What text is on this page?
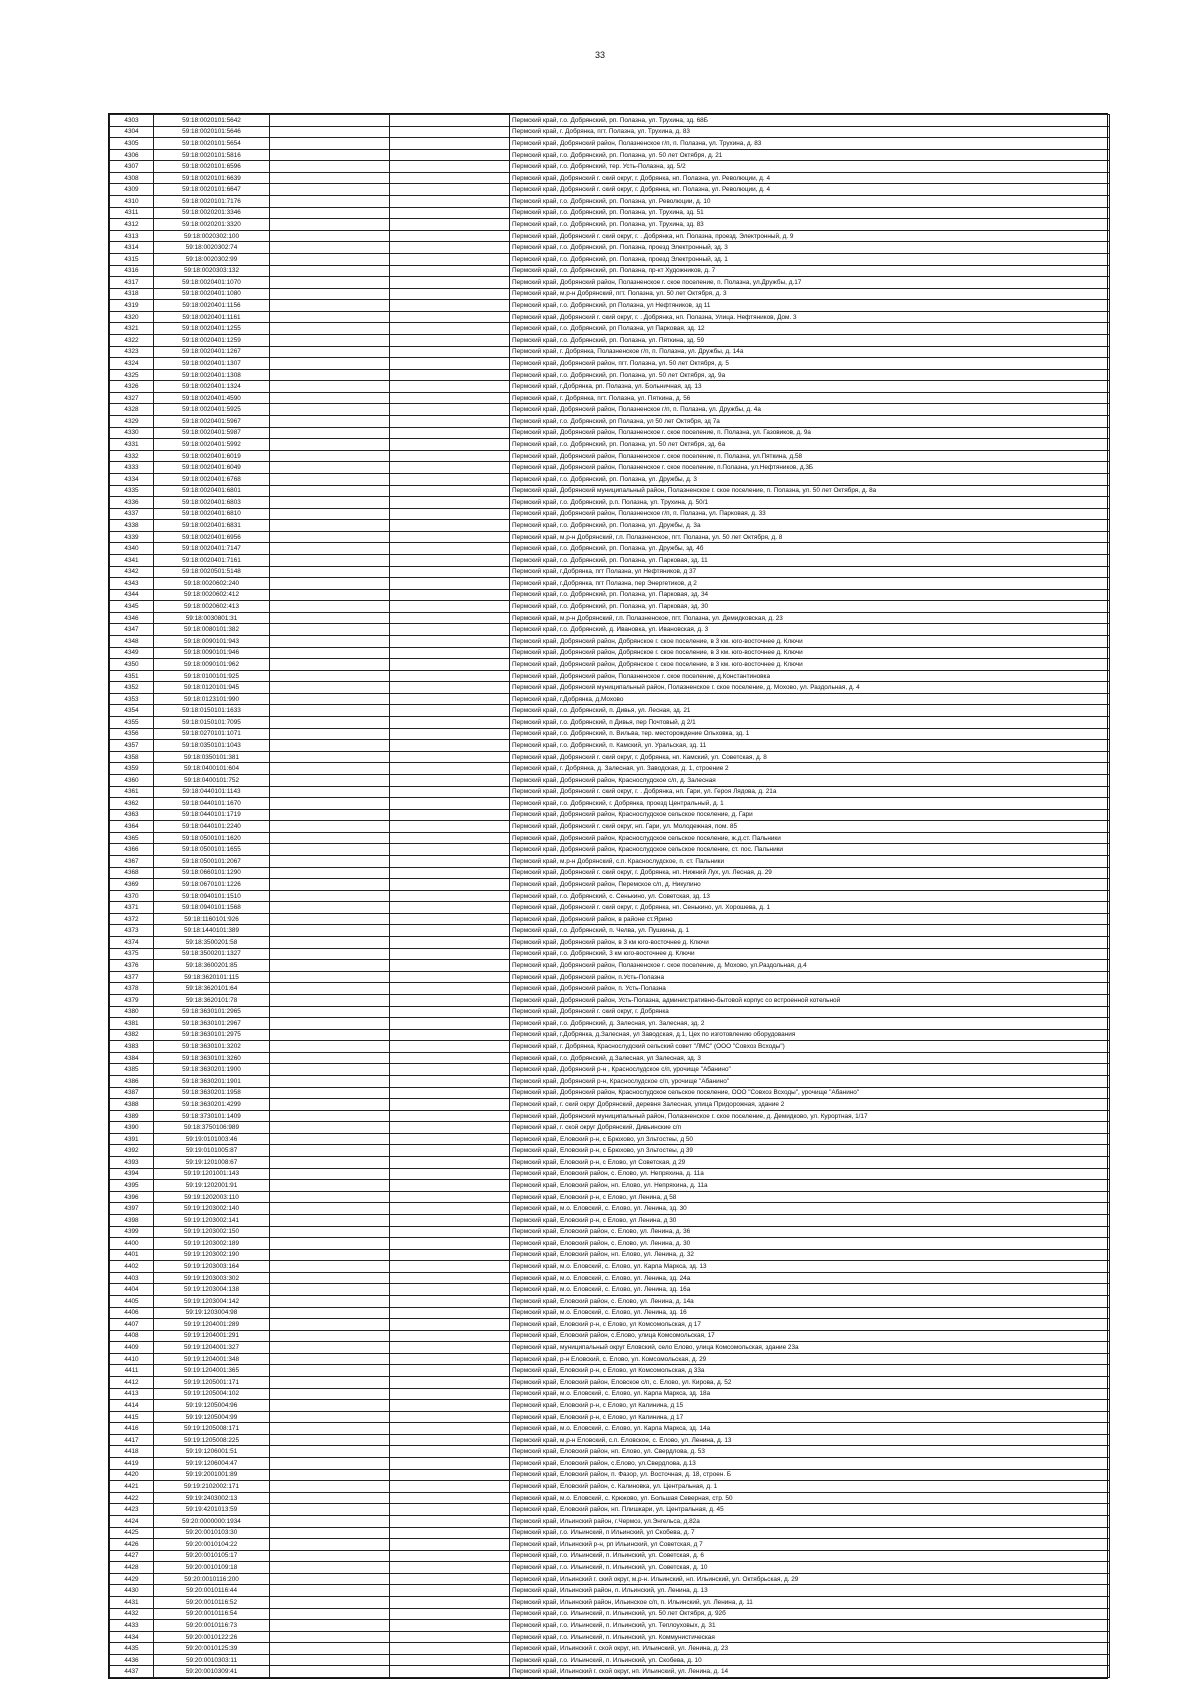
33
4303	59:18:0020101:5642			Пермский край, г.о. Добрянский, рп. Полазна, ул. Трухина, зд. 68Б
4304	59:18:0020101:5646			Пермский край, г. Добрянка, пгт. Полазна, ул. Трухина, д. 83
4305	59:18:0020101:5654			Пермский край, Добрянский район, Полазненское г/п, п. Полазна, ул. Трухина, д. 83
4306	59:18:0020101:5816			Пермский край, г.о. Добрянский, рп. Полазна, ул. 50 лет Октября, д. 21
4307	59:18:0020101:6596			Пермский край, г.о. Добрянский, тер. Усть-Полазна, зд. 5/2
4308	59:18:0020101:6639			Пермский край, Добрянский г. ский округ, г. Добрянка, нп. Полазна, ул. Революции, д. 4
4309	59:18:0020101:6647			Пермский край, Добрянский г. ский округ, г. Добрянка, нп. Полазна, ул. Революции, д. 4
4310	59:18:0020101:7176			Пермский край, г.о. Добрянский, рп. Полазна, ул. Революции, д. 10
4311	59:18:0020201:3346			Пермский край, г.о. Добрянский, рп. Полазна, ул. Трухина, зд. 51
4312	59:18:0020201:3320			Пермский край, г.о. Добрянский, рп. Полазна, ул. Трухина, зд. 83
4313	59:18:0020302:100			Пермский край, Добрянский г. ский округ, г. . Добрянка, нп. Полазна, проезд. Электронный, д. 9
4314	59:18:0020302:74			Пермский край, г.о. Добрянский, рп. Полазна, проезд Электронный, зд. 3
4315	59:18:0020302:99			Пермский край, г.о. Добрянский, рп. Полазна, проезд Электронный, зд. 1
4316	59:18:0020303:132			Пермский край, г.о. Добрянский, рп. Полазна, пр-кт Художников, д. 7
4317	59:18:0020401:1070			Пермский край, Добрянский район, Полазненское г. ское поселение, п. Полазна, ул.Дружбы, д.17
4318	59:18:0020401:1080			Пермский край, м.р-н Добрянский, пгт. Полазна, ул. 50 лет Октября, д. 3
4319	59:18:0020401:1156			Пермский край, г.о. Добрянский, рп Полазна, ул Нефтяников, зд 11
4320	59:18:0020401:1161			Пермский край, Добрянский г. ский округ, г. . Добрянка, нп. Полазна, Улица. Нефтяников, Дом. 3
4321	59:18:0020401:1255			Пермский край, г.о. Добрянский, рп Полазна, ул Парковая, зд. 12
4322	59:18:0020401:1259			Пермский край, г.о. Добрянский, рп. Полазна, ул. Пяткина, зд. 59
4323	59:18:0020401:1267			Пермский край, г. Добрянка, Полазненское г/п, п. Полазна, ул. Дружбы, д. 14а
4324	59:18:0020401:1307			Пермский край, Добрянский район, пгт. Полазна, ул. 50 лет Октября, д. 5
4325	59:18:0020401:1308			Пермский край, г.о. Добрянский, рп. Полазна, ул. 50 лет Октября, зд. 9а
4326	59:18:0020401:1324			Пермский край, г.Добрянка, рп. Полазна, ул. Больничная, зд. 13
4327	59:18:0020401:4590			Пермский край, г. Добрянка, пгт. Полазна, ул. Пяткина, д. 56
4328	59:18:0020401:5925			Пермский край, Добрянский район, Полазненское г/п, п. Полазна, ул. Дружбы, д. 4а
4329	59:18:0020401:5967			Пермский край, г.о. Добрянский, рп Полазна, ул 50 лет Октября, зд 7а
4330	59:18:0020401:5987			Пермский край, Добрянский район, Полазненское г. ское поселение, п. Полазна, ул. Газовиков, д. 9а
4331	59:18:0020401:5992			Пермский край, г.о. Добрянский, рп. Полазна, ул. 50 лет Октября, зд. 6а
4332	59:18:0020401:6019			Пермский край, Добрянский район, Полазненское г. ское поселение, п. Полазна, ул.Пяткина, д.58
4333	59:18:0020401:6049			Пермский край, Добрянский район, Полазненское г. ское поселение, п.Полазна, ул.Нефтяников, д.3Б
4334	59:18:0020401:6768			Пермский край, г.о. Добрянский, рп. Полазна, ул. Дружбы, д. 3
4335	59:18:0020401:6801			Пермский край, Добрянский муниципальный район, Полазненское г. ское поселение, п. Полазна, ул. 50 лет Октября, д. 8а
4336	59:18:0020401:6803			Пермский край, г.о. Добрянский, р.п. Полазна, ул. Трухина, д. 50/1
4337	59:18:0020401:6810			Пермский край, Добрянский район, Полазненское г/п, п. Полазна, ул. Парковая, д. 33
4338	59:18:0020401:6831			Пермский край, г.о. Добрянский, рп. Полазна, ул. Дружбы, д. 3а
4339	59:18:0020401:6956			Пермский край, м.р-н Добрянский, г.п. Полазненское, пгт. Полазна, ул. 50 лет Октября, д. 8
4340	59:18:0020401:7147			Пермский край, г.о. Добрянский, рп. Полазна, ул. Дружбы, зд. 4б
4341	59:18:0020401:7161			Пермский край, г.о. Добрянский, рп. Полазна, ул. Парковая, зд. 11
4342	59:18:0020501:5148			Пермский край, г.Добрянка, пгт Полазна, ул Нефтяников, д 37
4343	59:18:0020602:240			Пермский край, г.Добрянка, пгт Полазна, пер Энергетиков, д 2
4344	59:18:0020602:412			Пермский край, г.о. Добрянский, рп. Полазна, ул. Парковая, зд. 34
4345	59:18:0020602:413			Пермский край, г.о. Добрянский, рп. Полазна, ул. Парковая, зд. 30
4346	59:18:0030801:31			Пермский край, м.р-н Добрянский, г.п. Полазненское, пгт. Полазна, ул. Демидковская, д. 23
4347	59:18:0080101:382			Пермский край, г.о. Добрянский, д. Ивановка, ул. Ивановская, д. 3
4348	59:18:0090101:943			Пермский край, Добрянский район, Добрянское г. ское поселение, в 3 км. юго-восточнее д. Ключи
4349	59:18:0090101:946			Пермский край, Добрянский район, Добрянское г. ское поселение, в 3 км. юго-восточнее д. Ключи
4350	59:18:0090101:962			Пермский край, Добрянский район, Добрянское г. ское поселение, в 3 км. юго-восточнее д. Ключи
4351	59:18:0100101:925			Пермский край, Добрянский район, Полазненское г. ское поселение, д.Константиновка
4352	59:18:0120101:945			Пермский край, Добрянский муниципальный район, Полазненское г. ское поселение, д. Мохово, ул. Раздольная, д. 4
4353	59:18:0123101:990			Пермский край, г.Добрянка, д.Мохово
4354	59:18:0150101:1633			Пермский край, г.о. Добрянский, п. Дивья, ул. Лесная, зд. 21
4355	59:18:0150101:7095			Пермский край, г.о. Добрянский, п Дивья, пер Почтовый, д 2/1
4356	59:18:0270101:1071			Пермский край, г.о. Добрянский, п. Вильва, тер. месторождение Ольховка, зд. 1
4357	59:18:0350101:1043			Пермский край, г.о. Добрянский, п. Камский, ул. Уральская, зд. 11
4358	59:18:0350101:381			Пермский край, Добрянский г. ский округ, г. Добрянка, нп. Камский, ул. Советская, д. 8
4359	59:18:0400101:604			Пермский край, г. Добрянка, д. Залесная, ул. Заводская, д. 1, строение 2
4360	59:18:0400101:752			Пермский край, Добрянский район, Краснослудское с/п, д. Залесная
4361	59:18:0440101:1143			Пермский край, Добрянский г. ский округ, г. . Добрянка, нп. Гари, ул. Героя Лядова, д. 21а
4362	59:18:0440101:1670			Пермский край, г.о. Добрянский, г. Добрянка, проезд Центральный, д. 1
4363	59:18:0440101:1719			Пермский край, Добрянский район, Краснослудское сельское поселение, д. Гари
4364	59:18:0440101:2240			Пермский край, Добрянский г. ский округ, нп. Гари, ул. Молодежная, пом. 85
4365	59:18:0500101:1620			Пермский край, Добрянский район, Краснослудское сельское поселение, ж.д.ст. Пальники
4366	59:18:0500101:1655			Пермский край, Добрянский район, Краснослудское сельское поселение, ст. пос. Пальники
4367	59:18:0500101:2067			Пермский край, м.р-н Добрянский, с.п. Краснослудское, п. ст. Пальники
4368	59:18:0660101:1290			Пермский край, Добрянский г. ский округ, г. Добрянка, нп. Нижний Лух, ул. Лесная, д. 29
4369	59:18:0670101:1226			Пермский край, Добрянский район, Перемское с/п, д. Никулино
4370	59:18:0940101:1510			Пермский край, г.о. Добрянский, с. Сенькино, ул. Советская, зд. 13
4371	59:18:0940101:1568			Пермский край, Добрянский г. ский округ, г. Добрянка, нп. Сенькино, ул. Хорошева, д. 1
4372	59:18:1160101:926			Пермский край, Добрянский район, в районе ст.Ярино
4373	59:18:1440101:389			Пермский край, г.о. Добрянский, п. Челва, ул. Пушкина, д. 1
4374	59:18:3500201:58			Пермский край, Добрянский район, в 3 км юго-восточнее д. Ключи
4375	59:18:3500201:1327			Пермский край, г.о. Добрянский, 3 км юго-восточнее д. Ключи
4376	59:18:3600201:85			Пермский край, Добрянский район, Полазненское г. ское поселение, д. Мохово, ул.Раздольная, д.4
4377	59:18:3620101:115			Пермский край, Добрянский район, п.Усть-Полазна
4378	59:18:3620101:64			Пермский край, Добрянский район, п. Усть-Полазна
4379	59:18:3620101:78			Пермский край, Добрянский район, Усть-Полазна, административно-бытовой корпус со встроенной котельной
4380	59:18:3630101:2965			Пермский край, Добрянский г. ский округ, г. Добрянка
4381	59:18:3630101:2967			Пермский край, г.о. Добрянский, д. Залесная, ул. Залесная, зд. 2
4382	59:18:3630101:2975			Пермский край, г.Добрянка, д.Залесная, ул Заводская, д.1, Цех по изготовлению оборудования
4383	59:18:3630101:3202			Пермский край, г. Добрянка, Краснослудский сельский совет "ЛМС" (ООО "Совхоз Всходы")
4384	59:18:3630101:3260			Пермский край, г.о. Добрянский, д.Залесная, ул Залесная, зд. 3
4385	59:18:3630201:1900			Пермский край, Добрянский р-н , Краснослудское с/п, урочище "Абанино"
4386	59:18:3630201:1901			Пермский край, Добрянский р-н, Краснослудское с/п, урочище "Абанино"
4387	59:18:3630201:1958			Пермский край, Добрянский район, Краснослудское сельское поселение, ООО "Совхоз Всходы", урочище "Абанино"
4388	59:18:3630201:4299			Пермский край, г. ский округ Добрянский, деревня Залесная, улица Придорожная, здание 2
4389	59:18:3730101:1409			Пермский край, Добрянский муниципальный район, Полазненское г. ское поселение, д. Демидково, ул. Курортная, 1/17
4390	59:18:3750106:989			Пермский край, г. ской округ Добрянский, Дивьинские с/п
4391	59:19:0101003:46			Пермский край, Еловский р-н, с Брюхово, ул Зльтостеы, д 50
4392	59:19:0101005:87			Пермский край, Еловский р-н, с Брюхово, ул Зльтостеы, д 39
4393	59:19:1201008:67			Пермский край, Еловский р-н, с Елово, ул Советская, д 29
4394	59:19:1201001:143			Пермский край, Еловский район, с. Елово, ул. Непряхина, д. 11а
4395	59:19:1202001:91			Пермский край, Еловский район, нп. Елово, ул. Непряхина, д. 11а
4396	59:19:1202003:110			Пермский край, Еловский р-н, с Елово, ул Ленина, д 58
4397	59:19:1203002:140			Пермский край, м.о. Еловский, с. Елово, ул. Ленина, зд. 30
4398	59:19:1203002:141			Пермский край, Еловский р-н, с Елово, ул Ленина, д 30
4399	59:19:1203002:150			Пермский край, Еловский район, с. Елово, ул. Ленина, д. 36
4400	59:19:1203002:189			Пермский край, Еловский район, с. Елово, ул. Ленина, д. 30
4401	59:19:1203002:190			Пермский край, Еловский район, нп. Елово, ул. Ленина, д. 32
4402	59:19:1203003:164			Пермский край, м.о. Еловский, с. Елово, ул. Карла Маркса, зд. 13
4403	59:19:1203003:302			Пермский край, м.о. Еловский, с. Елово, ул. Ленина, зд. 24а
4404	59:19:1203004:138			Пермский край, м.о. Еловский, с. Елово, ул. Ленина, зд. 16а
4405	59:19:1203004:142			Пермский край, Еловский район, с. Елово, ул. Ленина, д. 14а
4406	59:19:1203004:98			Пермский край, м.о. Еловский, с. Елово, ул. Ленина, зд. 16
4407	59:19:1204001:289			Пермский край, Еловский р-н, с Елово, ул Комсомольская, д 17
4408	59:19:1204001:291			Пермский край, Еловский район, с.Елово, улица Комсомольская, 17
4409	59:19:1204001:327			Пермский край, муниципальный округ Еловский, село Елово, улица Комсомольская, здание 23а
4410	59:19:1204001:348			Пермский край, р-н Еловский, с. Елово, ул. Комсомольская, д. 29
4411	59:19:1204001:365			Пермский край, Еловский р-н, с Елово, ул Комсомольская, д 33а
4412	59:19:1205001:171			Пермский край, Еловский район, Еловское с/п, с. Елово, ул. Кирова, д. 52
4413	59:19:1205004:102			Пермский край, м.о. Еловский, с. Елово, ул. Карла Маркса, зд. 18а
4414	59:19:1205004:96			Пермский край, Еловский р-н, с Елово, ул Калинина, д 15
4415	59:19:1205004:99			Пермский край, Еловский р-н, с Елово, ул Калинина, д 17
4416	59:19:1205008:171			Пермский край, м.о. Еловский, с. Елово, ул. Карла Маркса, зд. 14а
4417	59:19:1205008:225			Пермский край, м.р-н Еловский, с.п. Еловское, с. Елово, ул. Ленина, д. 13
4418	59:19:1206001:51			Пермский край, Еловский район, нп. Елово, ул. Свердлова, д. 53
4419	59:19:1206004:47			Пермский край, Еловский район, с.Елово, ул.Свердлова, д.13
4420	59:19:2001001:89			Пермский край, Еловский район, п. Фазор, ул. Восточная, д. 18, строен. Б
4421	59:19:2102002:171			Пермский край, Еловский район, с. Калиновка, ул. Центральная, д. 1
4422	59:19:2403002:13			Пермский край, м.о. Еловский, с. Крюково, ул. Большая Северная, стр. 50
4423	59:19:4201013:59			Пермский край, Еловский район, нп. Плишкари, ул. Центральная, д. 45
4424	59:20:0000000:1934			Пермский край, Ильинский район, г.Чермоз, ул.Энгельса, д.82а
4425	59:20:0010103:30			Пермский край, г.о. Ильинский, п Ильинский, ул Скобева, д. 7
4426	59:20:0010104:22			Пермский край, Ильинский р-н, рп Ильинский, ул Советская, д 7
4427	59:20:0010105:17			Пермский край, г.о. Ильинский, п. Ильинский, ул. Советская, д. 6
4428	59:20:0010109:18			Пермский край, г.о. Ильинский, п. Ильинский, ул. Советская, д. 10
4429	59:20:0010116:200			Пермский край, Ильинский г. ский округ, м.р-н. Ильинский, нп. Ильинский, ул. Октябрьская, д. 29
4430	59:20:0010116:44			Пермский край, Ильинский район, п. Ильинский, ул. Ленина, д. 13
4431	59:20:0010116:52			Пермский край, Ильинский район, Ильинское с/п, п. Ильинский, ул. Ленина, д. 11
4432	59:20:0010116:54			Пермский край, г.о. Ильинский, п. Ильинский, ул. 50 лет Октября, д. 92б
4433	59:20:0010116:73			Пермский край, г.о. Ильинский, п. Ильинский, ул. Теплоуховых, д. 31
4434	59:20:0010122:26			Пермский край, г.о. Ильинский, п. Ильинский, ул. Коммунистическая
4435	59:20:0010125:39			Пермский край, Ильинский г. ской округ, нп. Ильинский, ул. Ленина, д. 23
4436	59:20:0010303:11			Пермский край, г.о. Ильинский, п. Ильинский, ул. Скобева, д. 10
4437	59:20:0010309:41			Пермский край, Ильинский г. ской округ, нп. Ильинский, ул. Ленина, д. 14
